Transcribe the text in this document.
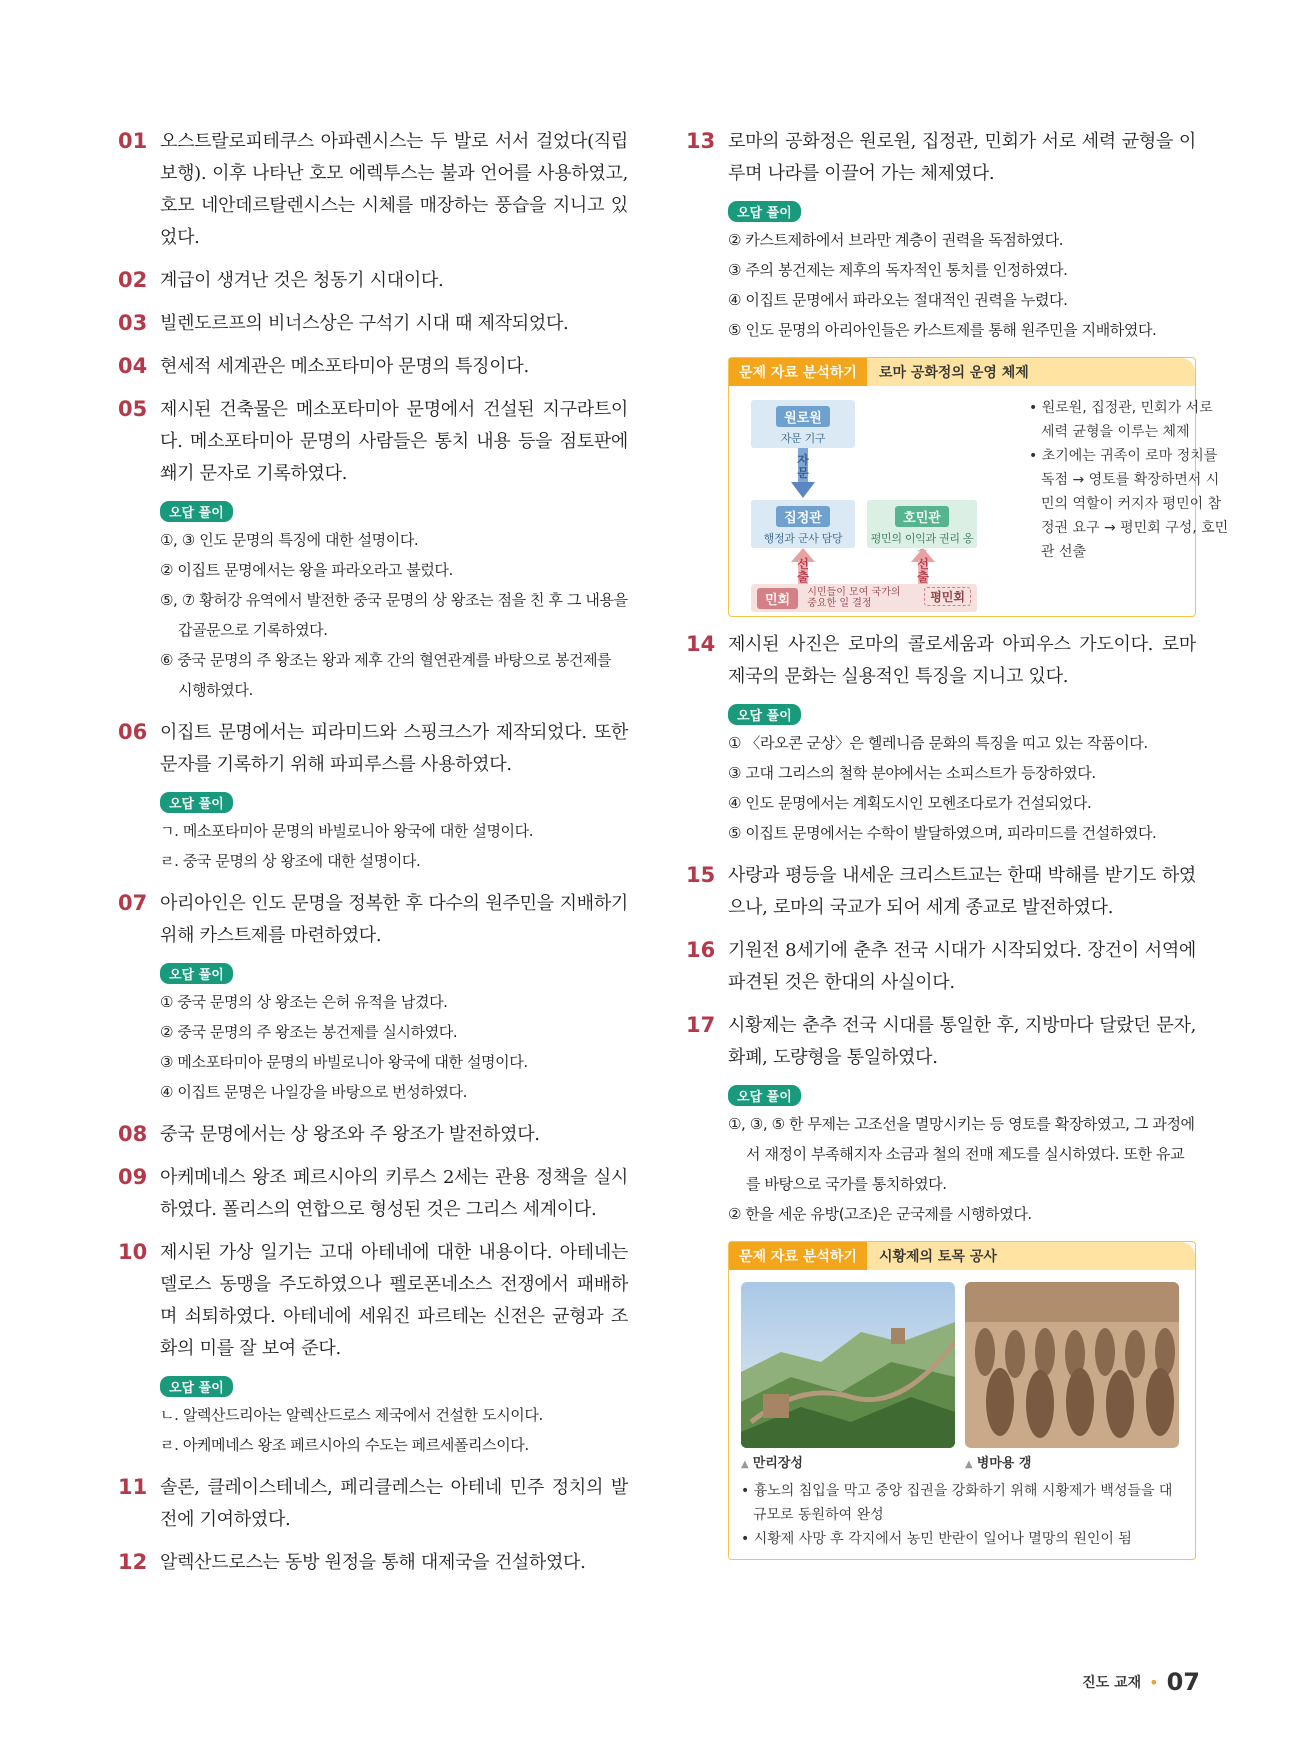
01 오스트랄로피테쿠스 아파렌시스는 두 발로 서서 걸었다(직립 보행). 이후 나타난 호모 에렉투스는 불과 언어를 사용하였고, 호모 네안데르탈렌시스는 시체를 매장하는 풍습을 지니고 있었다.
02 계급이 생겨난 것은 청동기 시대이다.
03 빌렌도르프의 비너스상은 구석기 시대 때 제작되었다.
04 현세적 세계관은 메소포타미아 문명의 특징이다.
05 제시된 건축물은 메소포타미아 문명에서 건설된 지구라트이다. 메소포타미아 문명의 사람들은 통치 내용 등을 점토판에 쐐기 문자로 기록하였다.
오답 풀이
①, ③ 인도 문명의 특징에 대한 설명이다.
② 이집트 문명에서는 왕을 파라오라고 불렀다.
⑤, ⑦ 황허강 유역에서 발전한 중국 문명의 상 왕조는 점을 친 후 그 내용을 갑골문으로 기록하였다.
⑥ 중국 문명의 주 왕조는 왕과 제후 간의 혈연관계를 바탕으로 봉건제를 시행하였다.
06 이집트 문명에서는 피라미드와 스핑크스가 제작되었다. 또한 문자를 기록하기 위해 파피루스를 사용하였다.
오답 풀이
ㄱ. 메소포타미아 문명의 바빌로니아 왕국에 대한 설명이다.
ㄹ. 중국 문명의 상 왕조에 대한 설명이다.
07 아리아인은 인도 문명을 정복한 후 다수의 원주민을 지배하기 위해 카스트제를 마련하였다.
오답 풀이
① 중국 문명의 상 왕조는 은허 유적을 남겼다.
② 중국 문명의 주 왕조는 봉건제를 실시하였다.
③ 메소포타미아 문명의 바빌로니아 왕국에 대한 설명이다.
④ 이집트 문명은 나일강을 바탕으로 번성하였다.
08 중국 문명에서는 상 왕조와 주 왕조가 발전하였다.
09 아케메네스 왕조 페르시아의 키루스 2세는 관용 정책을 실시하였다. 폴리스의 연합으로 형성된 것은 그리스 세계이다.
10 제시된 가상 일기는 고대 아테네에 대한 내용이다. 아테네는 델로스 동맹을 주도하였으나 펠로폰네소스 전쟁에서 패배하며 쇠퇴하였다. 아테네에 세워진 파르테논 신전은 균형과 조화의 미를 잘 보여 준다.
오답 풀이
ㄴ. 알렉산드리아는 알렉산드로스 제국에서 건설한 도시이다.
ㄹ. 아케메네스 왕조 페르시아의 수도는 페르세폴리스이다.
11 솔론, 클레이스테네스, 페리클레스는 아테네 민주 정치의 발전에 기여하였다.
12 알렉산드로스는 동방 원정을 통해 대제국을 건설하였다.
13 로마의 공화정은 원로원, 집정관, 민회가 서로 세력 균형을 이루며 나라를 이끌어 가는 체제였다.
오답 풀이
② 카스트제하에서 브라만 계층이 권력을 독점하였다.
③ 주의 봉건제는 제후의 독자적인 통치를 인정하였다.
④ 이집트 문명에서 파라오는 절대적인 권력을 누렸다.
⑤ 인도 문명의 아리아인들은 카스트제를 통해 원주민을 지배하였다.
문제 자료 분석하기	로마 공화정의 운영 체제
원로원
자문 기구
자문
집정관
행정과 군사 담당
호민관
평민의 이익과 권리 옹
선출
선출
민회 시민들이 모여 국가의 중요한 일 결정	평민회
• 원로원, 집정관, 민회가 서로 세력 균형을 이루는 체제
• 초기에는 귀족이 로마 정치를 독점 → 영토를 확장하면서 시민의 역할이 커지자 평민이 참정권 요구 → 평민회 구성, 호민관 선출
14 제시된 사진은 로마의 콜로세움과 아피우스 가도이다. 로마 제국의 문화는 실용적인 특징을 지니고 있다.
오답 풀이
① 〈라오콘 군상〉은 헬레니즘 문화의 특징을 띠고 있는 작품이다.
③ 고대 그리스의 철학 분야에서는 소피스트가 등장하였다.
④ 인도 문명에서는 계획도시인 모헨조다로가 건설되었다.
⑤ 이집트 문명에서는 수학이 발달하였으며, 피라미드를 건설하였다.
15 사랑과 평등을 내세운 크리스트교는 한때 박해를 받기도 하였으나, 로마의 국교가 되어 세계 종교로 발전하였다.
16 기원전 8세기에 춘추 전국 시대가 시작되었다. 장건이 서역에 파견된 것은 한대의 사실이다.
17 시황제는 춘추 전국 시대를 통일한 후, 지방마다 달랐던 문자, 화폐, 도량형을 통일하였다.
오답 풀이
①, ③, ⑤ 한 무제는 고조선을 멸망시키는 등 영토를 확장하였고, 그 과정에서 재정이 부족해지자 소금과 철의 전매 제도를 실시하였다. 또한 유교를 바탕으로 국가를 통치하였다.
② 한을 세운 유방(고조)은 군국제를 시행하였다.
문제 자료 분석하기	시황제의 토목 공사
▲ 만리장성	▲ 병마용 갱
• 흉노의 침입을 막고 중앙 집권을 강화하기 위해 시황제가 백성들을 대규모로 동원하여 완성
• 시황제 사망 후 각지에서 농민 반란이 일어나 멸망의 원인이 됨
진도 교재 • 07
